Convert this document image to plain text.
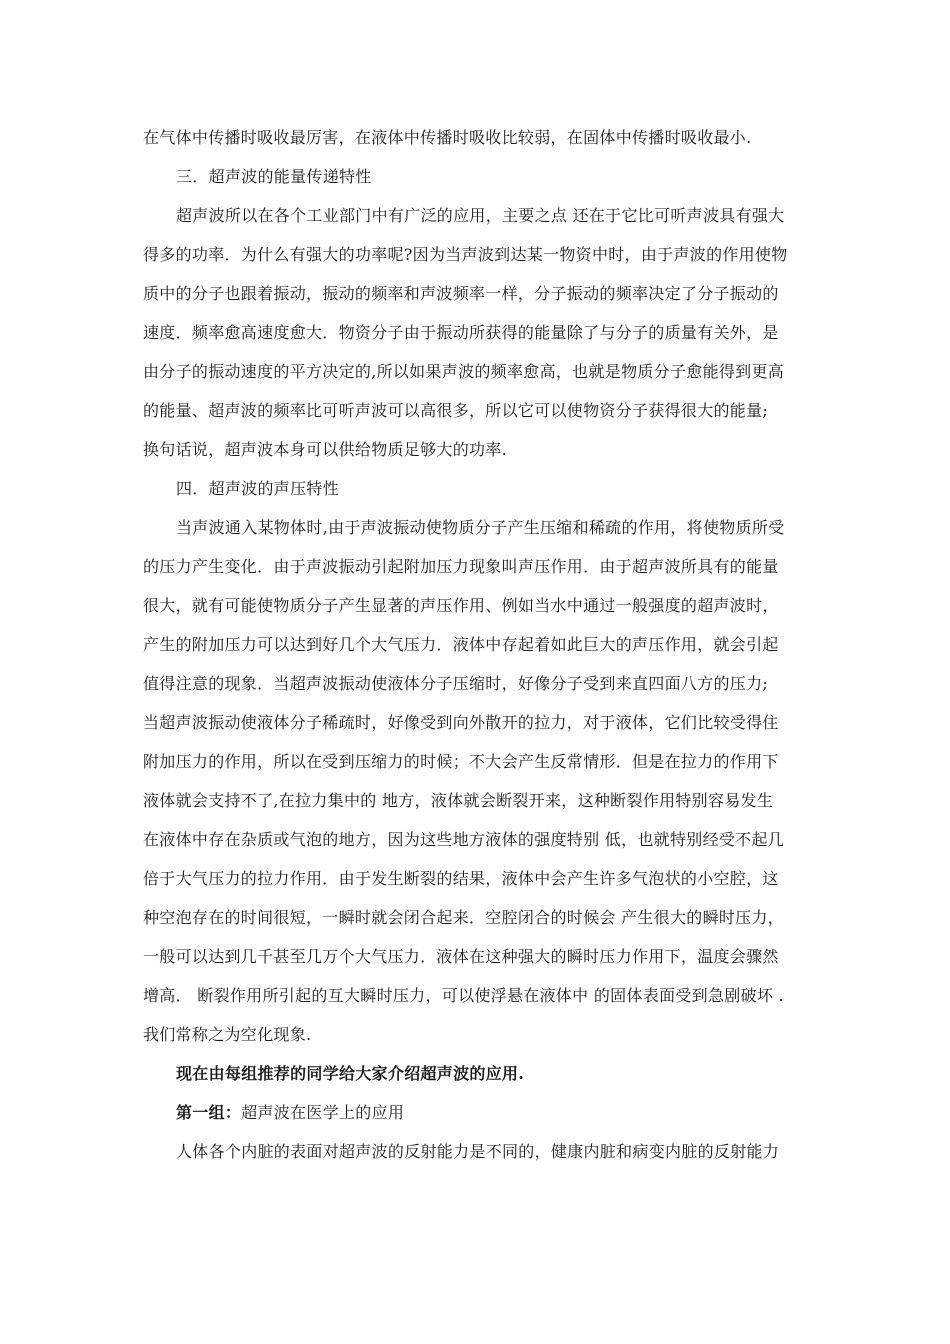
在气体中传播时吸收最厉害，在液体中传播时吸收比较弱，在固体中传播时吸收最小.
三．超声波的能量传递特性
超声波所以在各个工业部门中有广泛的应用，主要之点 还在于它比可听声波具有强大
得多的功率．为什么有强大的功率呢?因为当声波到达某一物资中时，由于声波的作用使物
质中的分子也跟着振动，振动的频率和声波频率一样，分子振动的频率决定了分子振动的
速度．频率愈高速度愈大．物资分子由于振动所获得的能量除了与分子的质量有关外，是
由分子的振动速度的平方决定的,所以如果声波的频率愈高，也就是物质分子愈能得到更高
的能量、超声波的频率比可听声波可以高很多，所以它可以使物资分子获得很大的能量;
换句话说，超声波本身可以供给物质足够大的功率.
四．超声波的声压特性
当声波通入某物体时,由于声波振动使物质分子产生压缩和稀疏的作用，将使物质所受
的压力产生变化．由于声波振动引起附加压力现象叫声压作用．由于超声波所具有的能量
很大，就有可能使物质分子产生显著的声压作用、例如当水中通过一般强度的超声波时，
产生的附加压力可以达到好几个大气压力．液体中存起着如此巨大的声压作用，就会引起
值得注意的现象．当超声波振动使液体分子压缩时，好像分子受到来直四面八方的压力;
当超声波振动使液体分子稀疏时，好像受到向外散开的拉力，对于液体，它们比较受得住
附加压力的作用，所以在受到压缩力的时候；不大会产生反常情形．但是在拉力的作用下
液体就会支持不了,在拉力集中的 地方，液体就会断裂开来，这种断裂作用特别容易发生
在液体中存在杂质或气泡的地方，因为这些地方液体的强度特别 低，也就特别经受不起几
倍于大气压力的拉力作用．由于发生断裂的结果，液体中会产生许多气泡状的小空腔，这
种空泡存在的时间很短，一瞬时就会闭合起来．空腔闭合的时候会 产生很大的瞬时压力，
一般可以达到几千甚至几万个大气压力．液体在这种强大的瞬时压力作用下，温度会骤然
增高． 断裂作用所引起的互大瞬时压力，可以使浮悬在液体中 的固体表面受到急剧破坏 .
我们常称之为空化现象.
现在由每组推荐的同学给大家介绍超声波的应用.
第一组：超声波在医学上的应用
人体各个内脏的表面对超声波的反射能力是不同的，健康内脏和病变内脏的反射能力
